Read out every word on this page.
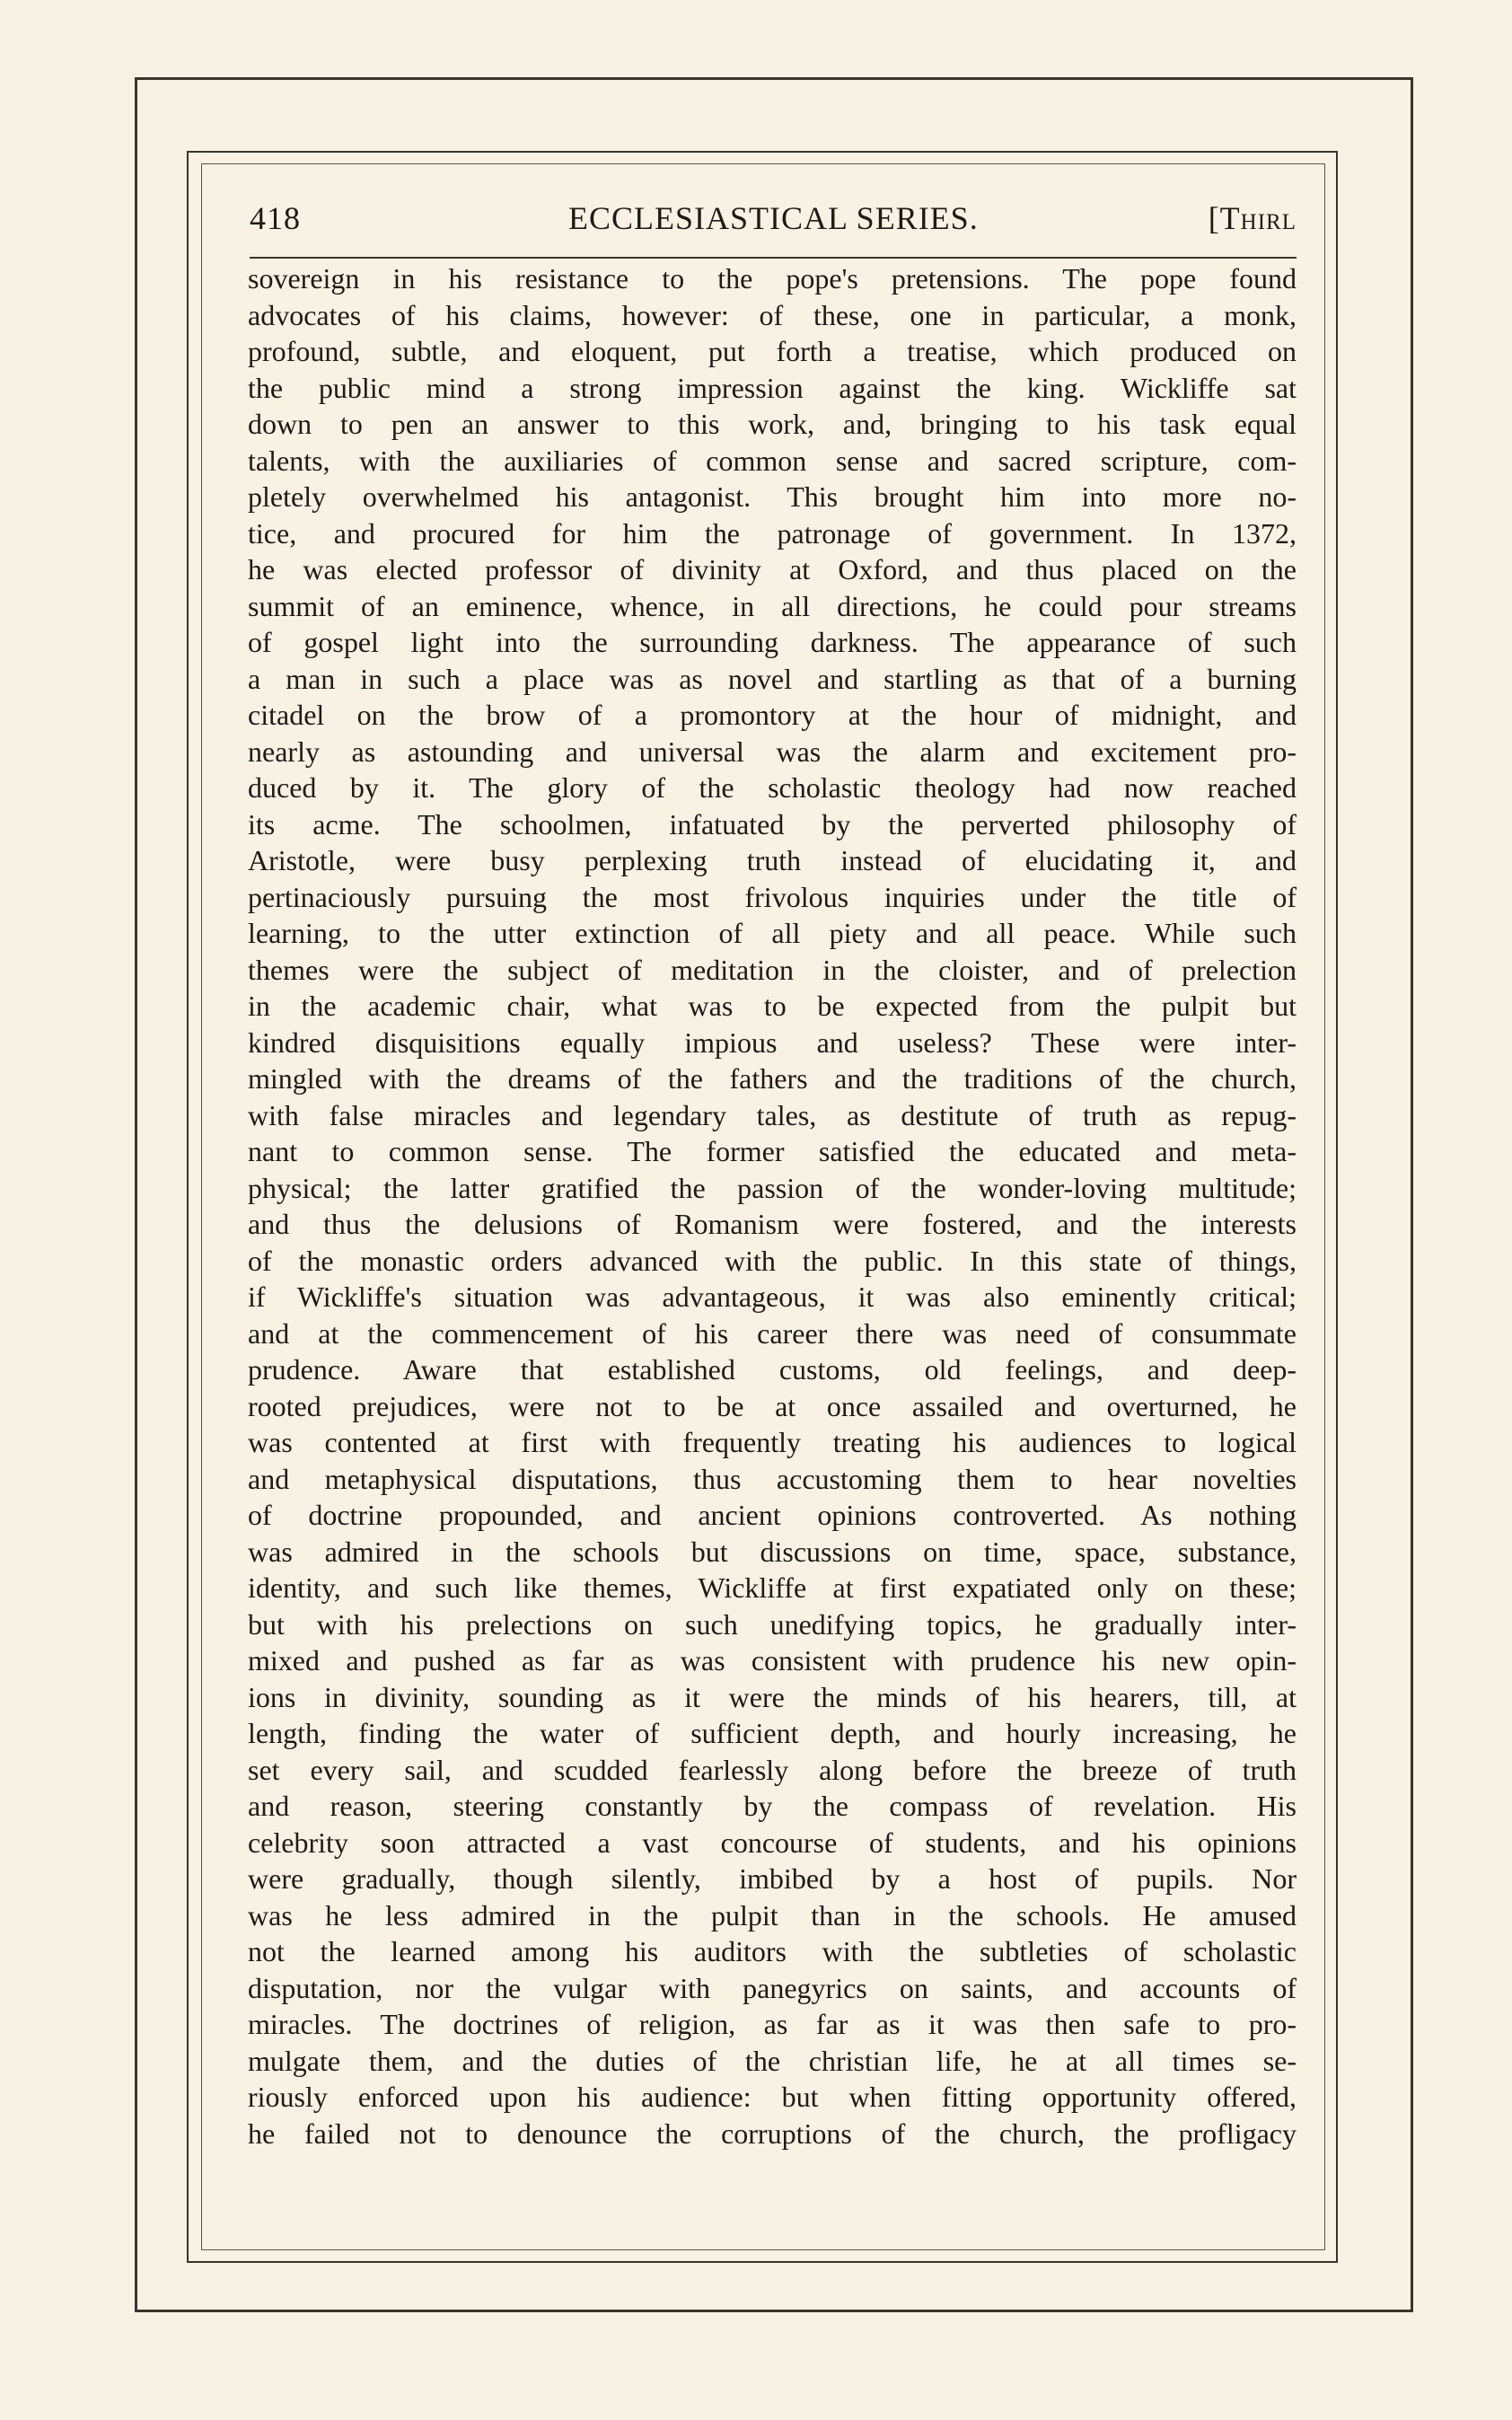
418	ECCLESIASTICAL SERIES.	[Thirl
sovereign in his resistance to the pope's pretensions. The pope found
advocates of his claims, however: of these, one in particular, a monk,
profound, subtle, and eloquent, put forth a treatise, which produced on
the public mind a strong impression against the king. Wickliffe sat
down to pen an answer to this work, and, bringing to his task equal
talents, with the auxiliaries of common sense and sacred scripture, com-
pletely overwhelmed his antagonist. This brought him into more no-
tice, and procured for him the patronage of government. In 1372,
he was elected professor of divinity at Oxford, and thus placed on the
summit of an eminence, whence, in all directions, he could pour streams
of gospel light into the surrounding darkness. The appearance of such
a man in such a place was as novel and startling as that of a burning
citadel on the brow of a promontory at the hour of midnight, and
nearly as astounding and universal was the alarm and excitement pro-
duced by it. The glory of the scholastic theology had now reached
its acme. The schoolmen, infatuated by the perverted philosophy of
Aristotle, were busy perplexing truth instead of elucidating it, and
pertinaciously pursuing the most frivolous inquiries under the title of
learning, to the utter extinction of all piety and all peace. While such
themes were the subject of meditation in the cloister, and of prelection
in the academic chair, what was to be expected from the pulpit but
kindred disquisitions equally impious and useless? These were inter-
mingled with the dreams of the fathers and the traditions of the church,
with false miracles and legendary tales, as destitute of truth as repug-
nant to common sense. The former satisfied the educated and meta-
physical; the latter gratified the passion of the wonder-loving multitude;
and thus the delusions of Romanism were fostered, and the interests
of the monastic orders advanced with the public. In this state of things,
if Wickliffe's situation was advantageous, it was also eminently critical;
and at the commencement of his career there was need of consummate
prudence. Aware that established customs, old feelings, and deep-
rooted prejudices, were not to be at once assailed and overturned, he
was contented at first with frequently treating his audiences to logical
and metaphysical disputations, thus accustoming them to hear novelties
of doctrine propounded, and ancient opinions controverted. As nothing
was admired in the schools but discussions on time, space, substance,
identity, and such like themes, Wickliffe at first expatiated only on these;
but with his prelections on such unedifying topics, he gradually inter-
mixed and pushed as far as was consistent with prudence his new opin-
ions in divinity, sounding as it were the minds of his hearers, till, at
length, finding the water of sufficient depth, and hourly increasing, he
set every sail, and scudded fearlessly along before the breeze of truth
and reason, steering constantly by the compass of revelation. His
celebrity soon attracted a vast concourse of students, and his opinions
were gradually, though silently, imbibed by a host of pupils. Nor
was he less admired in the pulpit than in the schools. He amused
not the learned among his auditors with the subtleties of scholastic
disputation, nor the vulgar with panegyrics on saints, and accounts of
miracles. The doctrines of religion, as far as it was then safe to pro-
mulgate them, and the duties of the christian life, he at all times se-
riously enforced upon his audience: but when fitting opportunity offered,
he failed not to denounce the corruptions of the church, the profligacy
